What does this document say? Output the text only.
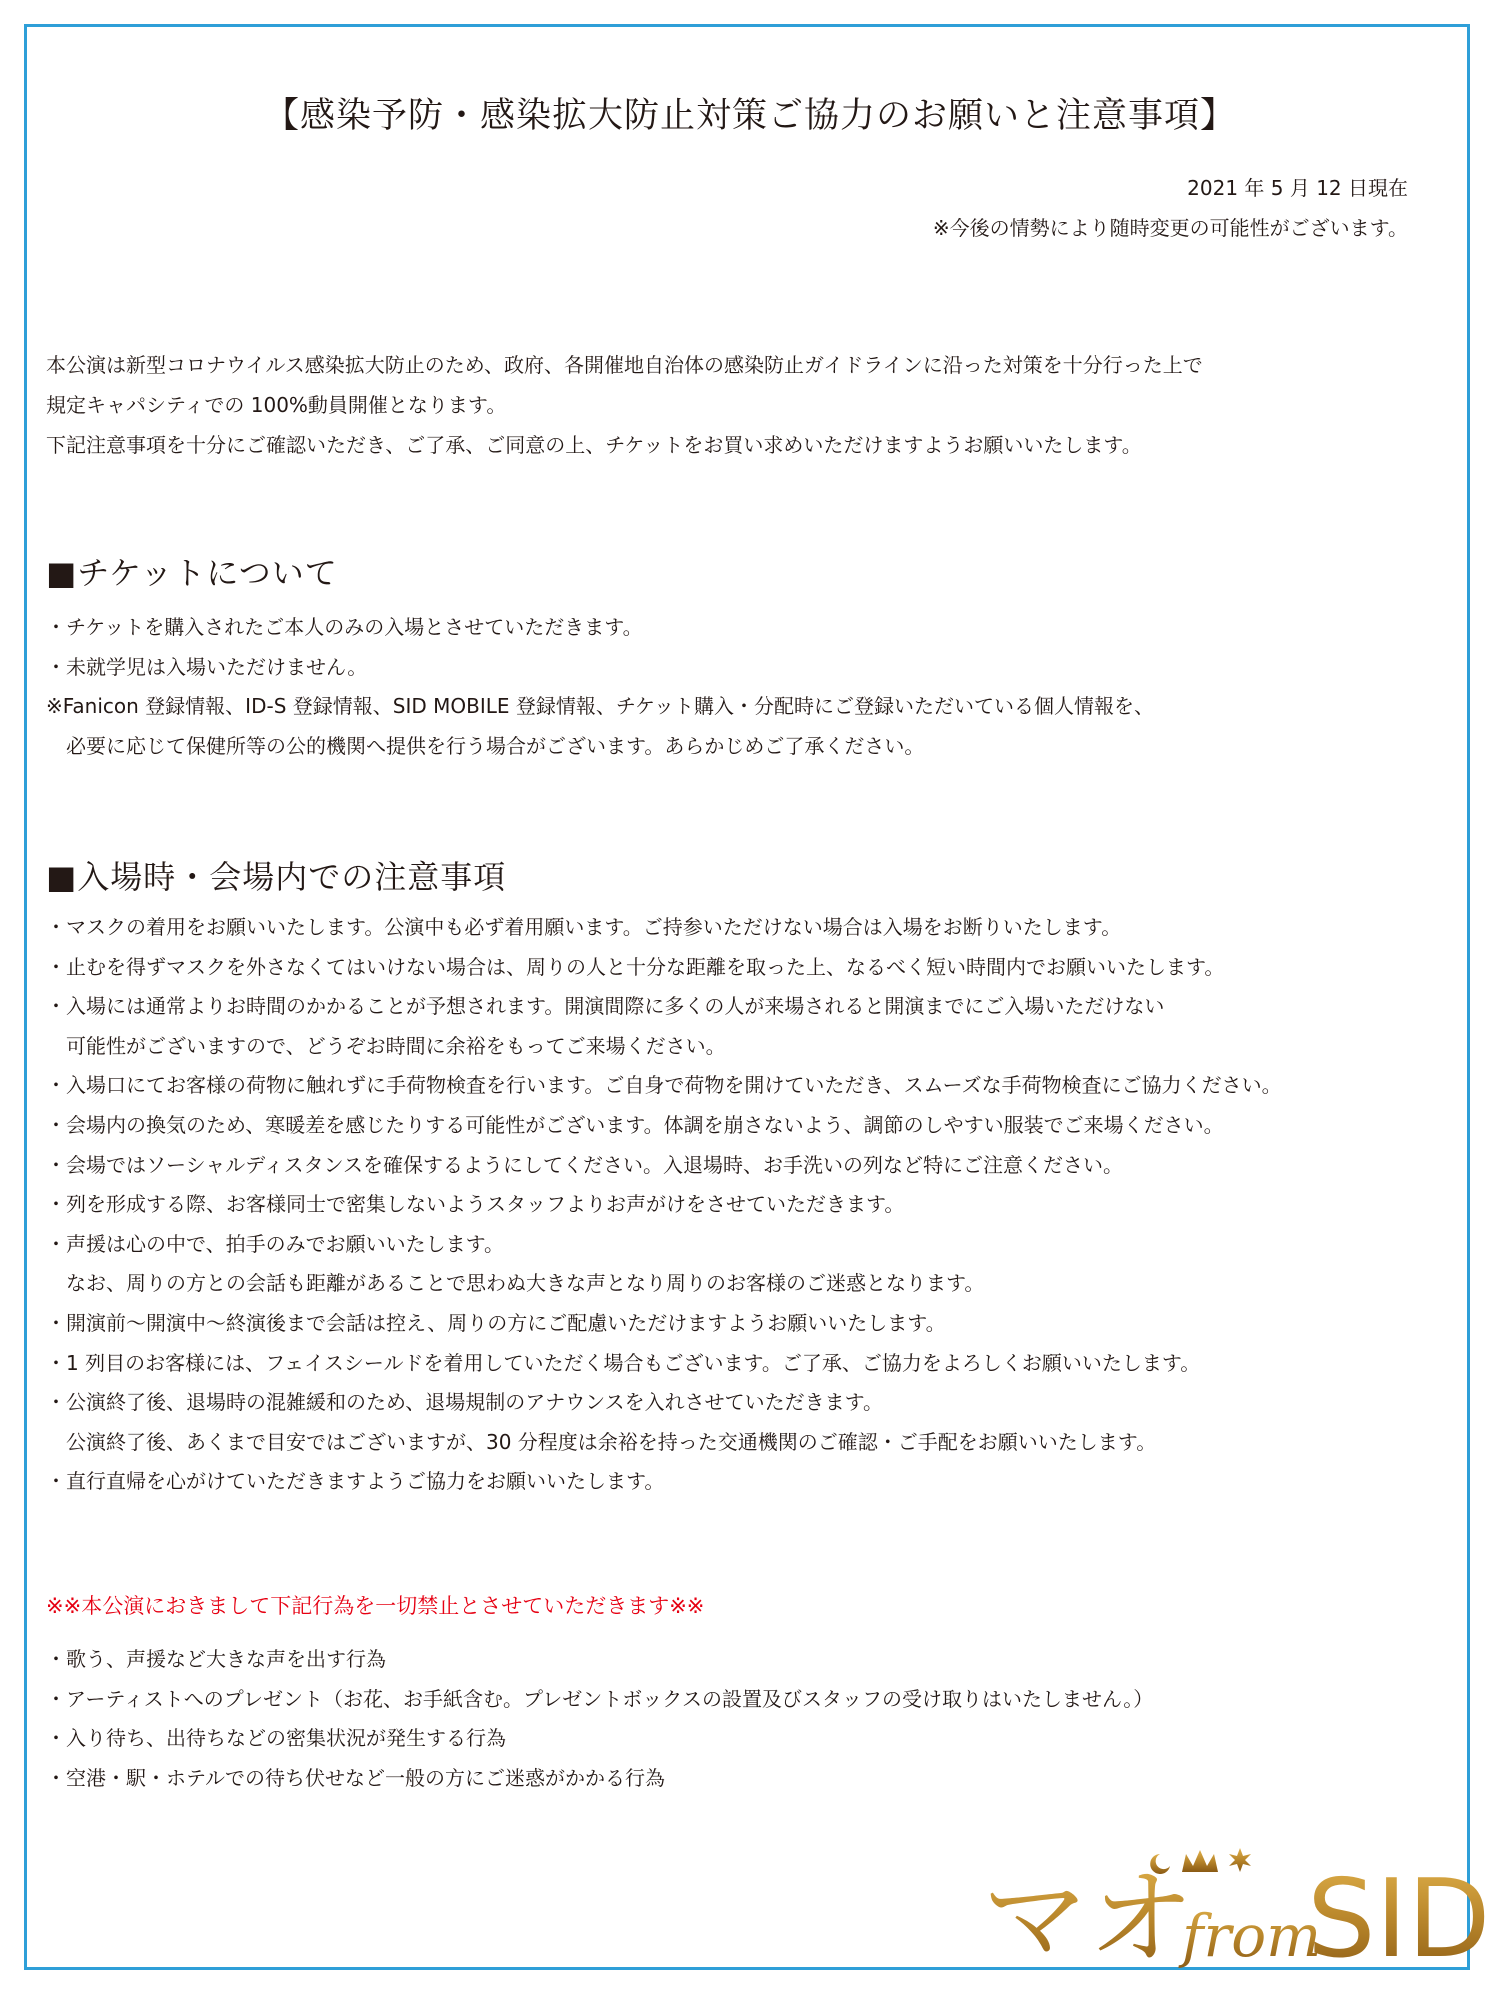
【感染予防・感染拡大防止対策ご協力のお願いと注意事項】
2021 年 5 月 12 日現在
※今後の情勢により随時変更の可能性がございます。
本公演は新型コロナウイルス感染拡大防止のため、政府、各開催地自治体の感染防止ガイドラインに沿った対策を十分行った上で
規定キャパシティでの 100%動員開催となります。
下記注意事項を十分にご確認いただき、ご了承、ご同意の上、チケットをお買い求めいただけますようお願いいたします。
■チケットについて
・チケットを購入されたご本人のみの入場とさせていただきます。
・未就学児は入場いただけません。
※Fanicon 登録情報、ID-S 登録情報、SID MOBILE 登録情報、チケット購入・分配時にご登録いただいている個人情報を、
必要に応じて保健所等の公的機関へ提供を行う場合がございます。あらかじめご了承ください。
■入場時・会場内での注意事項
・マスクの着用をお願いいたします。公演中も必ず着用願います。ご持参いただけない場合は入場をお断りいたします。
・止むを得ずマスクを外さなくてはいけない場合は、周りの人と十分な距離を取った上、なるべく短い時間内でお願いいたします。
・入場には通常よりお時間のかかることが予想されます。開演間際に多くの人が来場されると開演までにご入場いただけない
可能性がございますので、どうぞお時間に余裕をもってご来場ください。
・入場口にてお客様の荷物に触れずに手荷物検査を行います。ご自身で荷物を開けていただき、スムーズな手荷物検査にご協力ください。
・会場内の換気のため、寒暖差を感じたりする可能性がございます。体調を崩さないよう、調節のしやすい服装でご来場ください。
・会場ではソーシャルディスタンスを確保するようにしてください。入退場時、お手洗いの列など特にご注意ください。
・列を形成する際、お客様同士で密集しないようスタッフよりお声がけをさせていただきます。
・声援は心の中で、拍手のみでお願いいたします。
なお、周りの方との会話も距離があることで思わぬ大きな声となり周りのお客様のご迷惑となります。
・開演前〜開演中〜終演後まで会話は控え、周りの方にご配慮いただけますようお願いいたします。
・1 列目のお客様には、フェイスシールドを着用していただく場合もございます。ご了承、ご協力をよろしくお願いいたします。
・公演終了後、退場時の混雑緩和のため、退場規制のアナウンスを入れさせていただきます。
公演終了後、あくまで目安ではございますが、30 分程度は余裕を持った交通機関のご確認・ご手配をお願いいたします。
・直行直帰を心がけていただきますようご協力をお願いいたします。
※※本公演におきまして下記行為を一切禁止とさせていただきます※※
・歌う、声援など大きな声を出す行為
・アーティストへのプレゼント（お花、お手紙含む。プレゼントボックスの設置及びスタッフの受け取りはいたしません。）
・入り待ち、出待ちなどの密集状況が発生する行為
・空港・駅・ホテルでの待ち伏せなど一般の方にご迷惑がかかる行為
マオ
from
SID
